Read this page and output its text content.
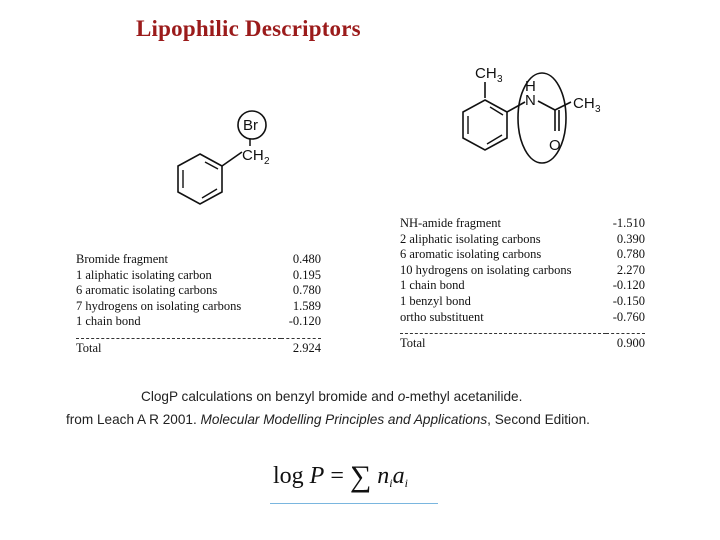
Lipophilic Descriptors
Br
CH 2
CH 3 H
N
O
CH 3
Bromide fragment	0.480
1 aliphatic isolating carbon	0.195
6 aromatic isolating carbons	0.780
7 hydrogens on isolating carbons	1.589
1 chain bond	-0.120

Total	2.924
NH-amide fragment	-1.510
2 aliphatic isolating carbons	0.390
6 aromatic isolating carbons	0.780
10 hydrogens on isolating carbons	2.270
1 chain bond	-0.120
1 benzyl bond	-0.150
ortho substituent	-0.760

Total	0.900
ClogP calculations on benzyl bromide and o-methyl acetanilide.
from Leach A R 2001. Molecular Modelling Principles and Applications, Second Edition.
log P = ∑ $n_ia_i$
